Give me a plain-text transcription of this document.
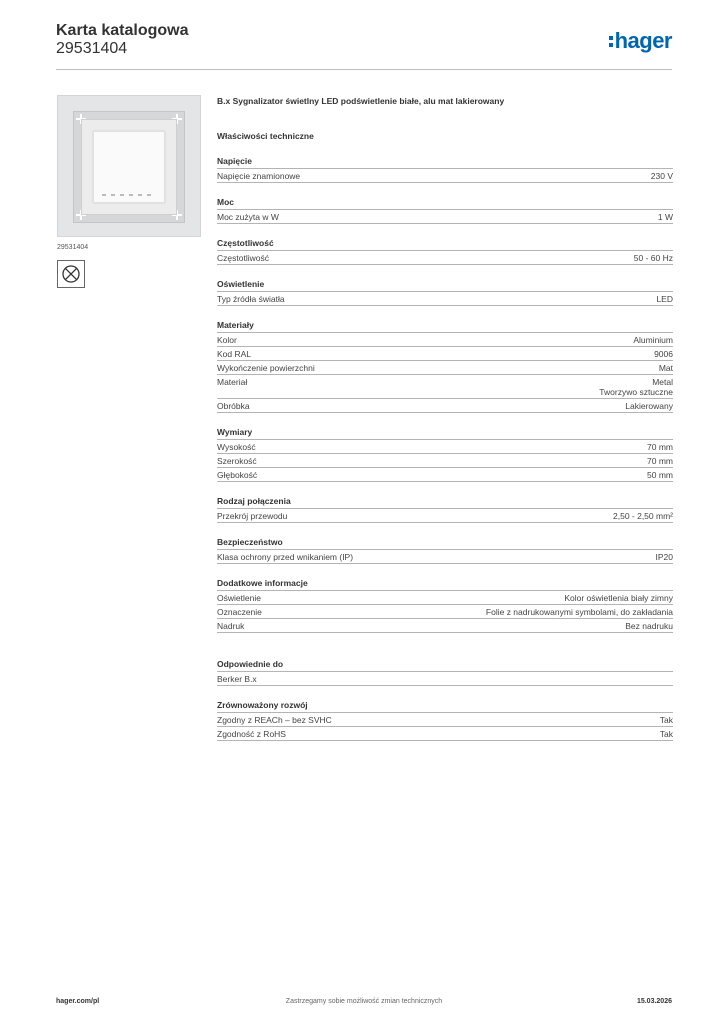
Karta katalogowa
29531404	hager
29531404
B.x Sygnalizator świetlny LED podświetlenie białe, alu mat lakierowany
Właściwości techniczne
Napięcie
Napięcie znamionowe	230 V
Moc
Moc zużyta w W	1 W
Częstotliwość
Częstotliwość	50 - 60 Hz
Oświetlenie
Typ źródła światła	LED
Materiały
Kolor	Aluminium
Kod RAL	9006
Wykończenie powierzchni	Mat
Materiał	Metal
Tworzywo sztuczne
Obróbka	Lakierowany
Wymiary
Wysokość	70 mm
Szerokość	70 mm
Głębokość	50 mm
Rodzaj połączenia
Przekrój przewodu	2,50 - 2,50 mm²
Bezpieczeństwo
Klasa ochrony przed wnikaniem (IP)	IP20
Dodatkowe informacje
Oświetlenie	Kolor oświetlenia biały zimny
Oznaczenie	Folie z nadrukowanymi symbolami, do zakładania
Nadruk	Bez nadruku
Odpowiednie do
Berker B.x
Zrównoważony rozwój
Zgodny z REACh – bez SVHC	Tak
Zgodność z RoHS	Tak
hager.com/pl	Zastrzegamy sobie możliwość zmian technicznych	15.03.2026
